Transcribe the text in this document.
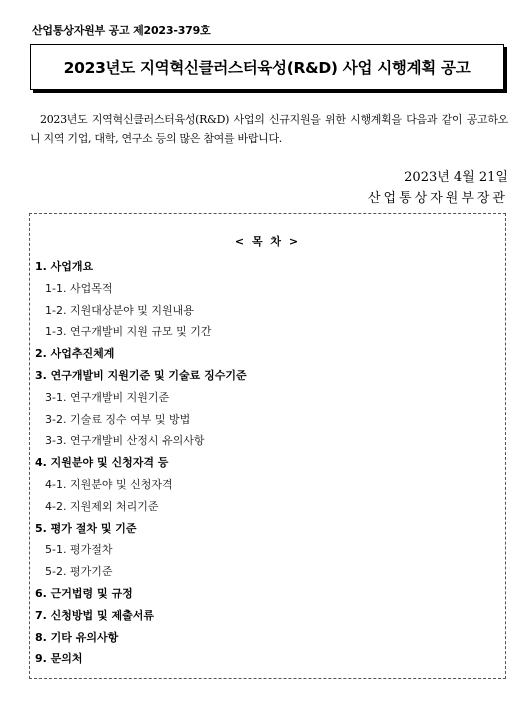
산업통상자원부 공고 제2023-379호
2023년도 지역혁신클러스터육성(R&D) 사업 시행계획 공고

2023년도 지역혁신클러스터육성(R&D) 사업의 신규지원을 위한 시행계획을 다음과 같이 공고하오니 지역 기업, 대학, 연구소 등의 많은 참여를 바랍니다.

2023년 4월 21일
산업통상자원부장관
< 목 차 >
1. 사업개요
1-1. 사업목적
1-2. 지원대상분야 및 지원내용
1-3. 연구개발비 지원 규모 및 기간
2. 사업추진체계
3. 연구개발비 지원기준 및 기술료 징수기준
3-1. 연구개발비 지원기준
3-2. 기술료 징수 여부 및 방법
3-3. 연구개발비 산정시 유의사항
4. 지원분야 및 신청자격 등
4-1. 지원분야 및 신청자격
4-2. 지원제외 처리기준
5. 평가 절차 및 기준
5-1. 평가절차
5-2. 평가기준
6. 근거법령 및 규정
7. 신청방법 및 제출서류
8. 기타 유의사항
9. 문의처
